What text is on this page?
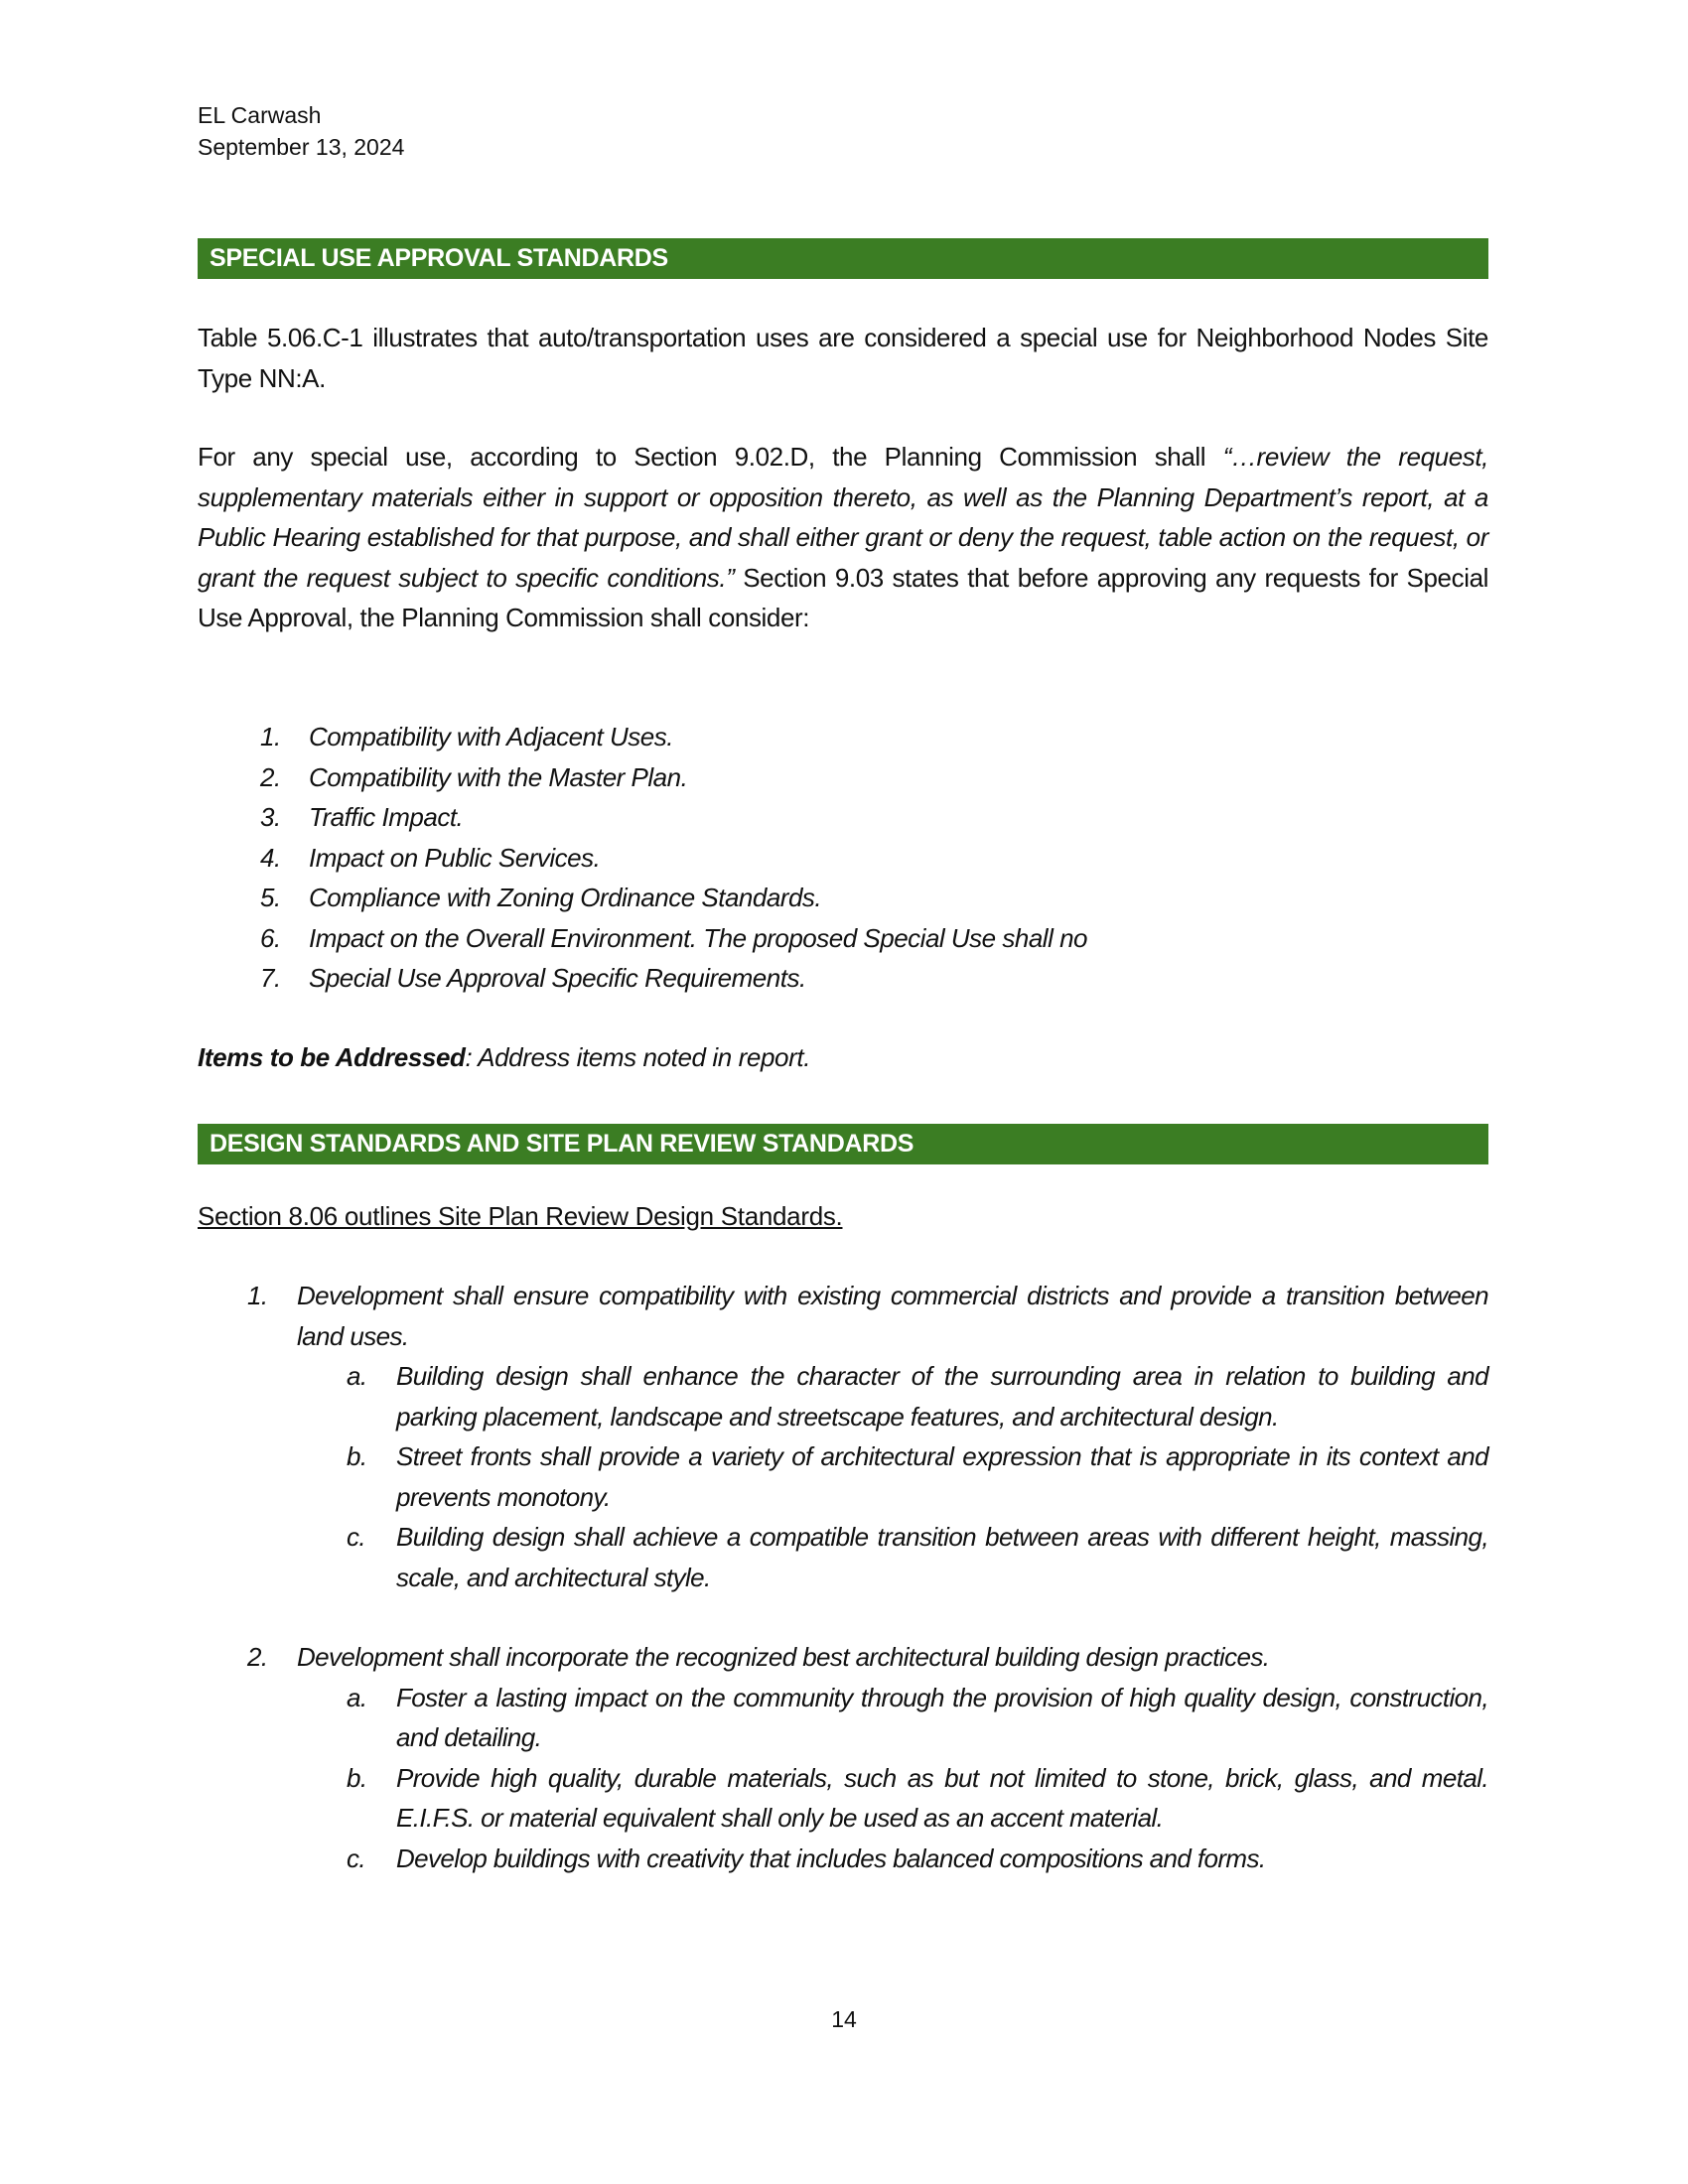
EL Carwash
September 13, 2024
SPECIAL USE APPROVAL STANDARDS
Table 5.06.C-1 illustrates that auto/transportation uses are considered a special use for Neighborhood Nodes Site Type NN:A.
For any special use, according to Section 9.02.D, the Planning Commission shall “…review the request, supplementary materials either in support or opposition thereto, as well as the Planning Department’s report, at a Public Hearing established for that purpose, and shall either grant or deny the request, table action on the request, or grant the request subject to specific conditions.” Section 9.03 states that before approving any requests for Special Use Approval, the Planning Commission shall consider:
1. Compatibility with Adjacent Uses.
2. Compatibility with the Master Plan.
3. Traffic Impact.
4. Impact on Public Services.
5. Compliance with Zoning Ordinance Standards.
6. Impact on the Overall Environment. The proposed Special Use shall no
7. Special Use Approval Specific Requirements.
Items to be Addressed: Address items noted in report.
DESIGN STANDARDS AND SITE PLAN REVIEW STANDARDS
Section 8.06 outlines Site Plan Review Design Standards.
1. Development shall ensure compatibility with existing commercial districts and provide a transition between land uses.
a. Building design shall enhance the character of the surrounding area in relation to building and parking placement, landscape and streetscape features, and architectural design.
b. Street fronts shall provide a variety of architectural expression that is appropriate in its context and prevents monotony.
c. Building design shall achieve a compatible transition between areas with different height, massing, scale, and architectural style.
2. Development shall incorporate the recognized best architectural building design practices.
a. Foster a lasting impact on the community through the provision of high quality design, construction, and detailing.
b. Provide high quality, durable materials, such as but not limited to stone, brick, glass, and metal. E.I.F.S. or material equivalent shall only be used as an accent material.
c. Develop buildings with creativity that includes balanced compositions and forms.
14
